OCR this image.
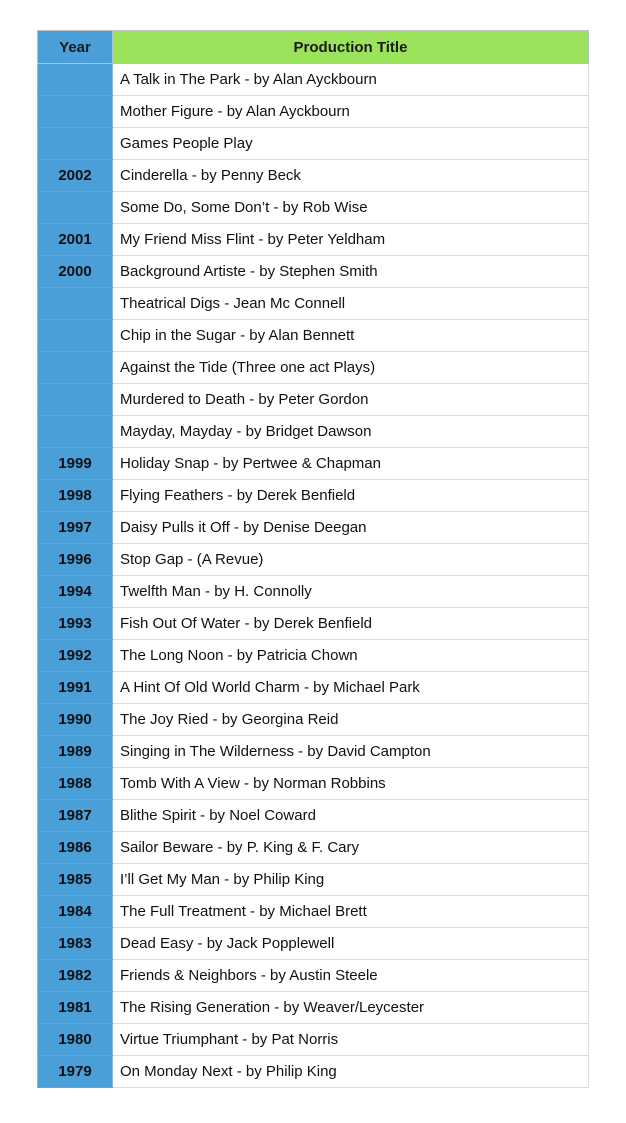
Year	Production Title
	A Talk in The Park - by Alan Ayckbourn
	Mother Figure - by Alan Ayckbourn
	Games People Play
2002	Cinderella - by Penny Beck
	Some Do, Some Don’t - by Rob Wise
2001	My Friend Miss Flint - by Peter Yeldham
2000	Background Artiste - by Stephen Smith
	Theatrical Digs - Jean Mc Connell
	Chip in the Sugar - by Alan Bennett
	Against the Tide (Three one act Plays)
	Murdered to Death - by Peter Gordon
	Mayday, Mayday - by Bridget Dawson
1999	Holiday Snap - by Pertwee & Chapman
1998	Flying Feathers - by Derek Benfield
1997	Daisy Pulls it Off - by Denise Deegan
1996	Stop Gap - (A Revue)
1994	Twelfth Man - by H. Connolly
1993	Fish Out Of Water - by Derek Benfield
1992	The Long Noon - by Patricia Chown
1991	A Hint Of Old World Charm - by Michael Park
1990	The Joy Ried - by Georgina Reid
1989	Singing in The Wilderness - by David Campton
1988	Tomb With A View - by Norman Robbins
1987	Blithe Spirit - by Noel Coward
1986	Sailor Beware - by P. King & F. Cary
1985	I’ll Get My Man - by Philip King
1984	The Full Treatment - by Michael Brett
1983	Dead Easy - by Jack Popplewell
1982	Friends & Neighbors - by Austin Steele
1981	The Rising Generation - by Weaver/Leycester
1980	Virtue Triumphant - by Pat Norris
1979	On Monday Next - by Philip King
